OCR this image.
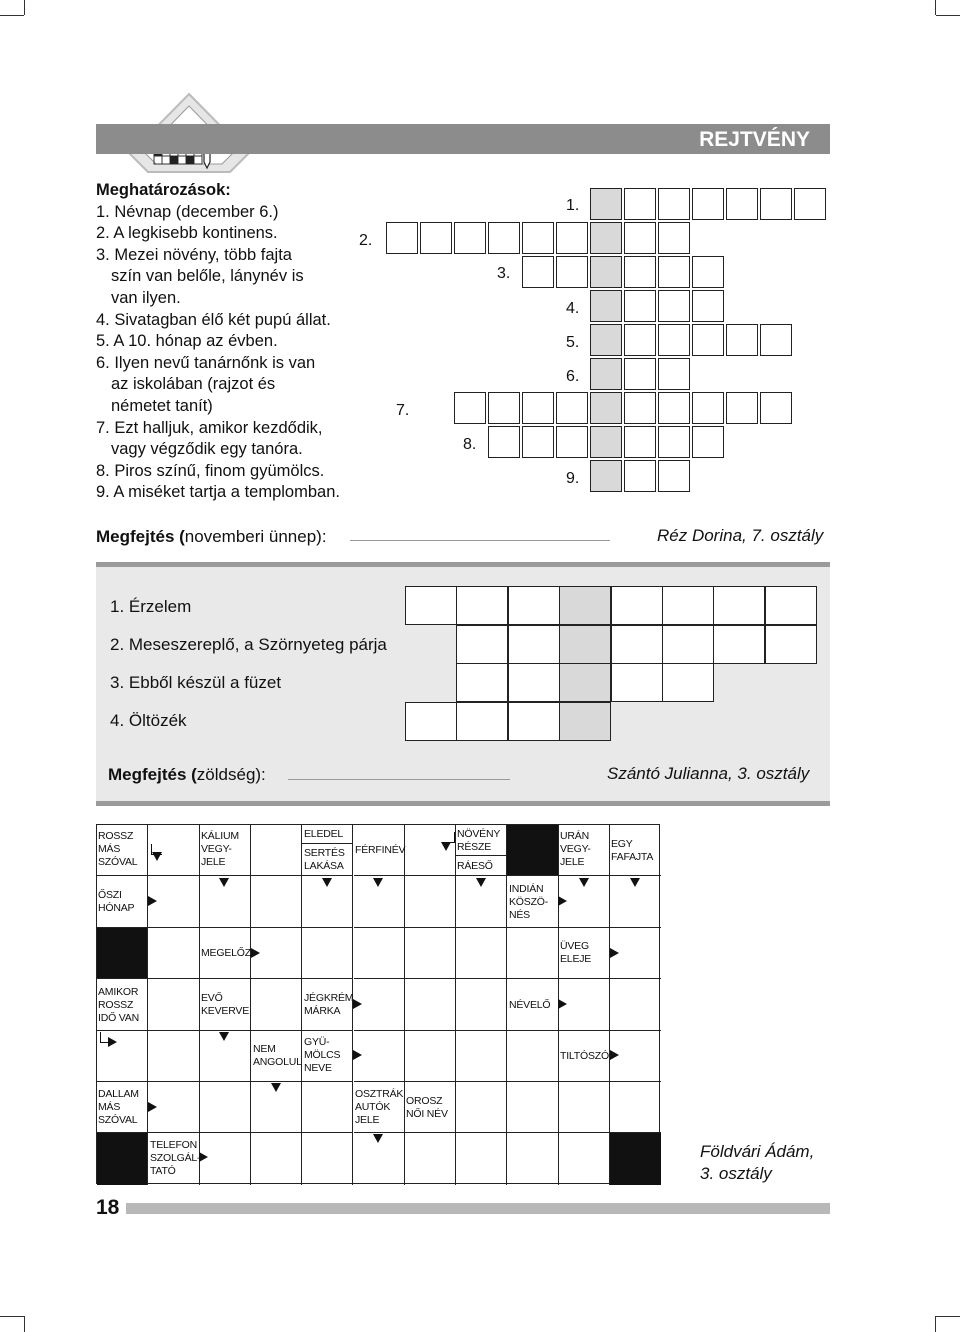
REJTVÉNY
Meghatározások:
1. Névnap (december 6.)
2. A legkisebb kontinens.
3. Mezei növény, több fajta
szín van belőle, lánynév is
van ilyen.
4. Sivatagban élő két pupú állat.
5. A 10. hónap az évben.
6. Ilyen nevű tanárnőnk is van
az iskolában (rajzot és
németet tanít)
7. Ezt halljuk, amikor kezdődik,
vagy végződik egy tanóra.
8. Piros színű, finom gyümölcs.
9. A miséket tartja a templomban.
1.
2.
3.
4.
5.
6.
7.
8.
9.
Megfejtés (novemberi ünnep):	Réz Dorina, 7. osztály
1. Érzelem
2. Meseszereplő, a Szörnyeteg párja
3. Ebből készül a füzet
4. Öltözék
Megfejtés (zöldség):	Szántó Julianna, 3. osztály
ROSSZ
MÁS
SZÓVAL
KÁLIUM
VEGY-
JELE
ELEDEL
SERTÉS
LAKÁSA
FÉRFINÉV
NÖVÉNY
RÉSZE
RÁESŐ
URÁN
VEGY-
JELE
EGY
FAFAJTA
ŐSZI
HÓNAP
INDIÁN
KÖSZÖ-
NÉS
MEGELŐZ
ÜVEG
ELEJE
AMIKOR
ROSSZ
IDŐ VAN
EVŐ
KEVERVE
JÉGKRÉM
MÁRKA	NÉVELŐ
NEM
ANGOLUL
GYÜ-
MÖLCS
NEVE
TILTÓSZÓ
DALLAM
MÁS
SZÓVAL
OSZTRÁK
AUTÓK
JELE
OROSZ
NŐI NÉV
TELEFON
SZOLGÁL-
TATÓ
Földvári Ádám,
3. osztály
18
